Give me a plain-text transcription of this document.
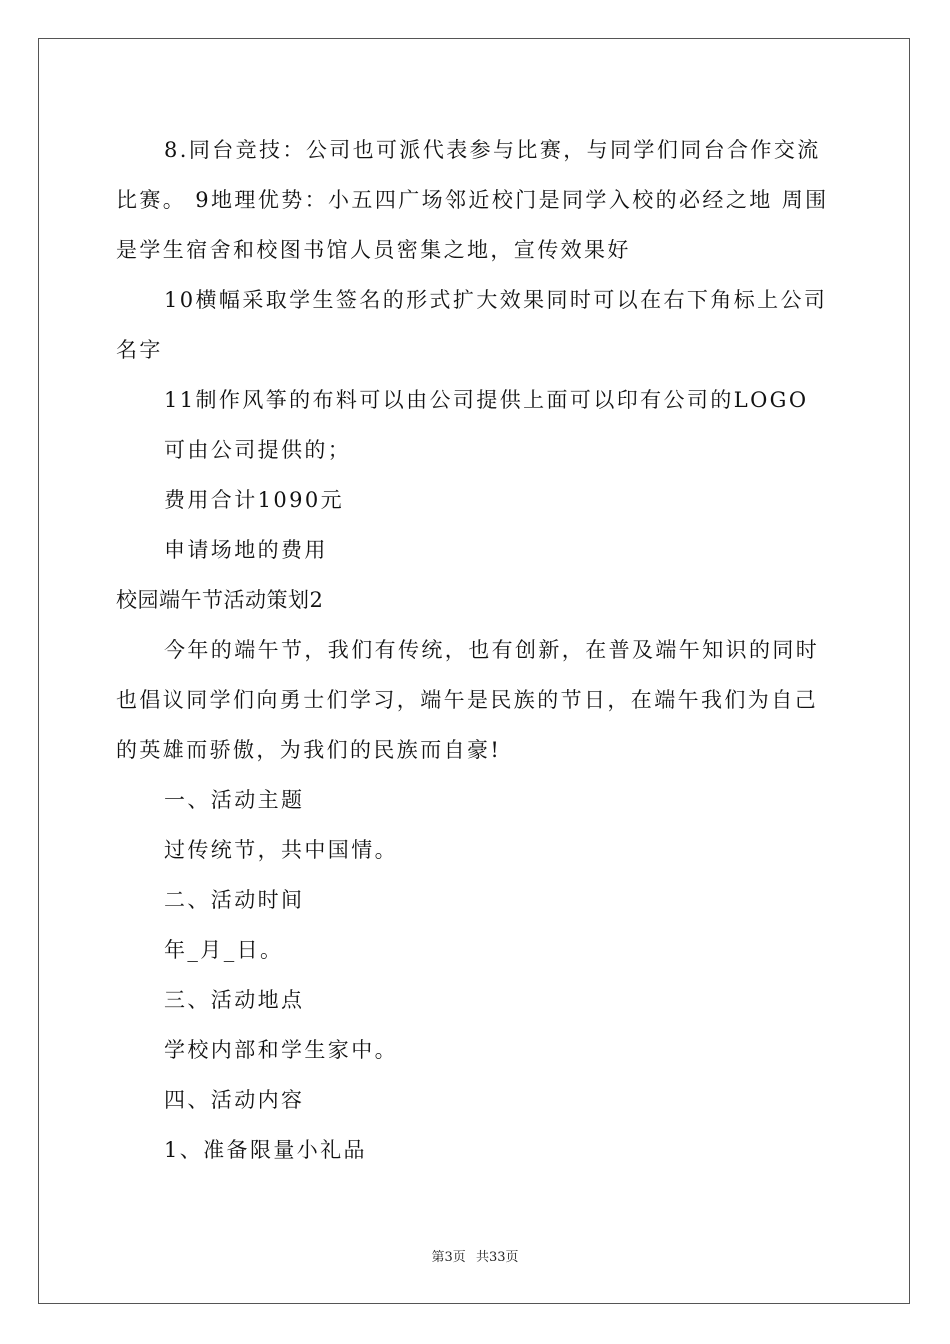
8.同台竞技：公司也可派代表参与比赛，与同学们同台合作交流比赛。 9地理优势：小五四广场邻近校门是同学入校的必经之地 周围是学生宿舍和校图书馆人员密集之地，宣传效果好

10横幅采取学生签名的形式扩大效果同时可以在右下角标上公司名字

11制作风筝的布料可以由公司提供上面可以印有公司的LOGO

可由公司提供的；

费用合计1090元

申请场地的费用

校园端午节活动策划2

今年的端午节，我们有传统，也有创新，在普及端午知识的同时也倡议同学们向勇士们学习，端午是民族的节日，在端午我们为自己的英雄而骄傲，为我们的民族而自豪!

一、活动主题

过传统节，共中国情。

二、活动时间

年_月_日。

三、活动地点

学校内部和学生家中。

四、活动内容

1、准备限量小礼品

第3页 共33页
